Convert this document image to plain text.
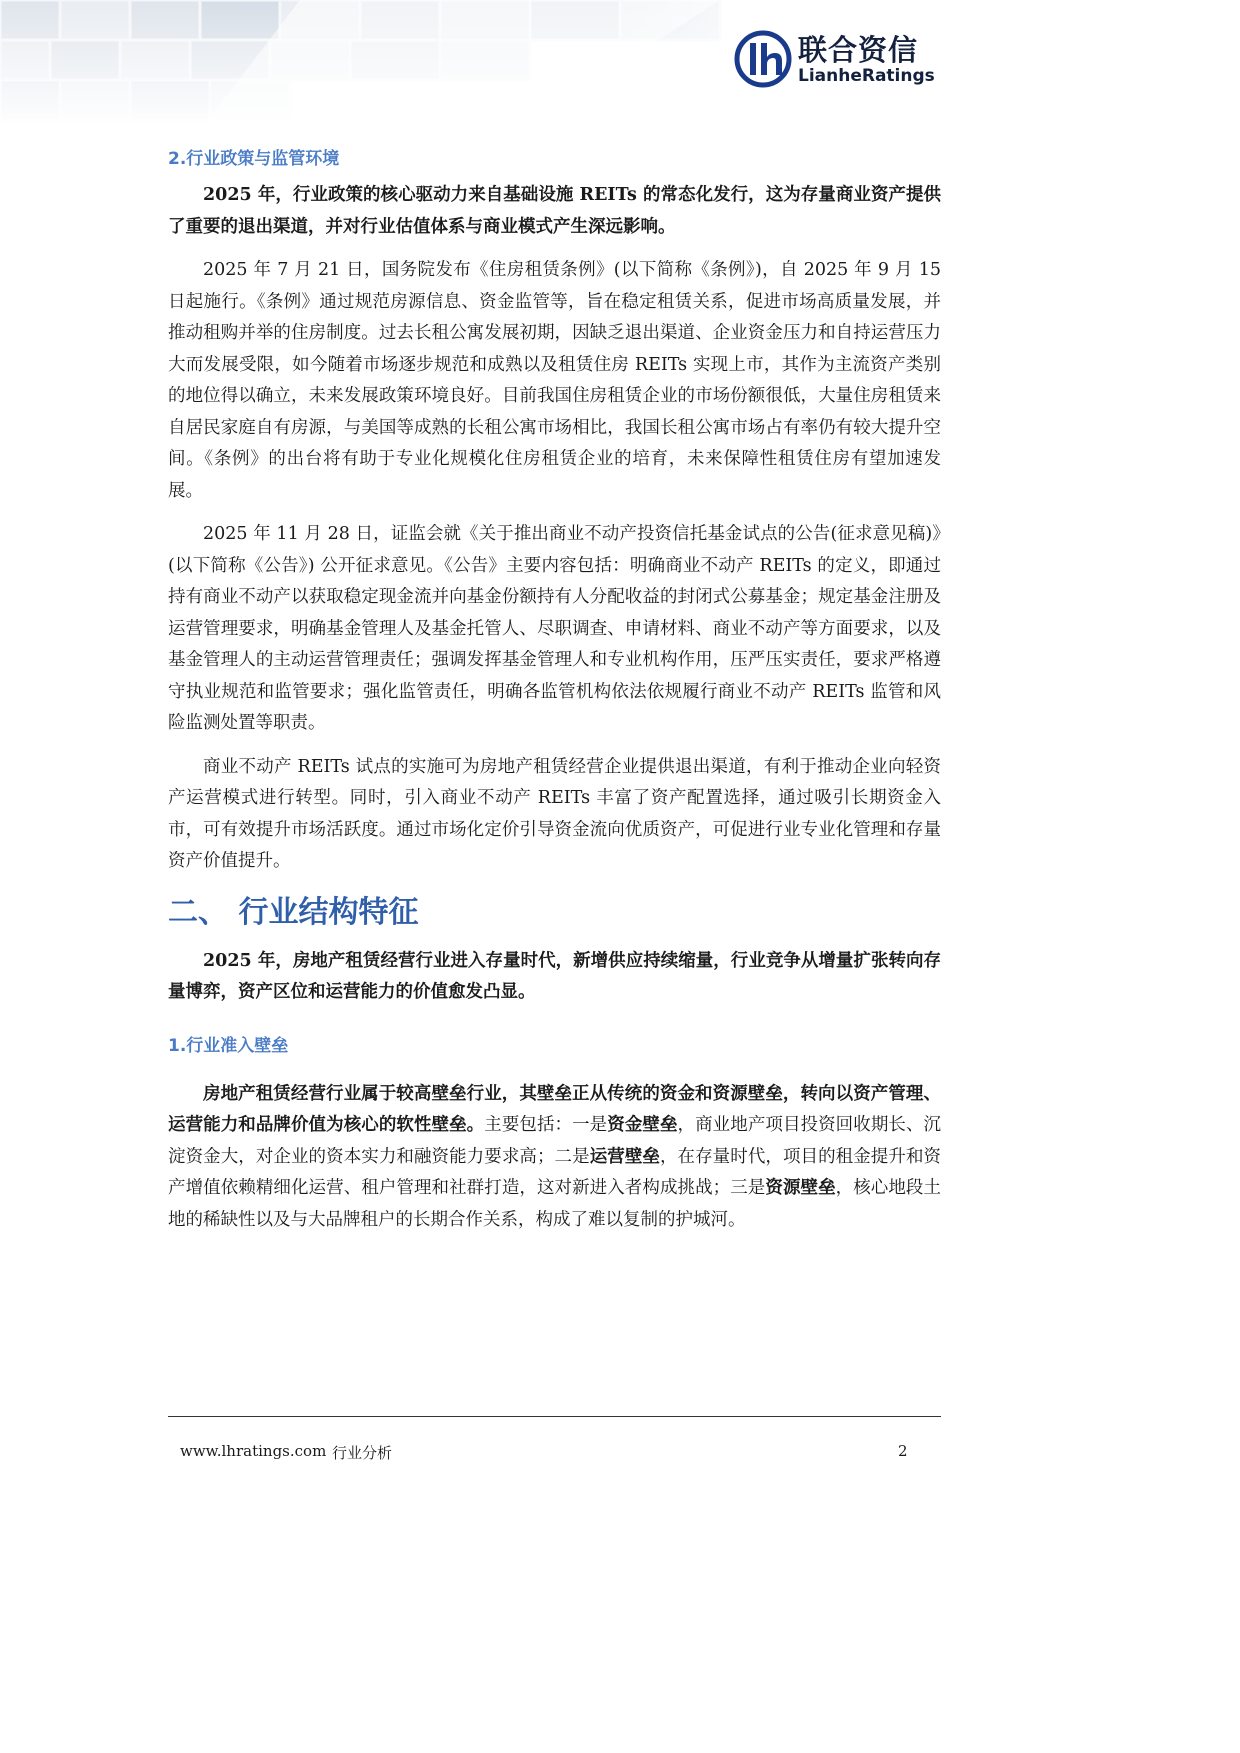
联合资信
LianheRatings
2.行业政策与监管环境

2025 年，行业政策的核心驱动力来自基础设施 REITs 的常态化发行，这为存量商业资产提供了重要的退出渠道，并对行业估值体系与商业模式产生深远影响。

2025 年 7 月 21 日，国务院发布《住房租赁条例》(以下简称《条例》)，自 2025 年 9 月 15 日起施行。《条例》通过规范房源信息、资金监管等，旨在稳定租赁关系，促进市场高质量发展，并推动租购并举的住房制度。过去长租公寓发展初期，因缺乏退出渠道、企业资金压力和自持运营压力大而发展受限，如今随着市场逐步规范和成熟以及租赁住房 REITs 实现上市，其作为主流资产类别的地位得以确立，未来发展政策环境良好。目前我国住房租赁企业的市场份额很低，大量住房租赁来自居民家庭自有房源，与美国等成熟的长租公寓市场相比，我国长租公寓市场占有率仍有较大提升空间。《条例》的出台将有助于专业化规模化住房租赁企业的培育，未来保障性租赁住房有望加速发展。

2025 年 11 月 28 日，证监会就《关于推出商业不动产投资信托基金试点的公告(征求意见稿)》(以下简称《公告》) 公开征求意见。《公告》主要内容包括：明确商业不动产 REITs 的定义，即通过持有商业不动产以获取稳定现金流并向基金份额持有人分配收益的封闭式公募基金；规定基金注册及运营管理要求，明确基金管理人及基金托管人、尽职调查、申请材料、商业不动产等方面要求，以及基金管理人的主动运营管理责任；强调发挥基金管理人和专业机构作用，压严压实责任，要求严格遵守执业规范和监管要求；强化监管责任，明确各监管机构依法依规履行商业不动产 REITs 监管和风险监测处置等职责。

商业不动产 REITs 试点的实施可为房地产租赁经营企业提供退出渠道，有利于推动企业向轻资产运营模式进行转型。同时，引入商业不动产 REITs 丰富了资产配置选择，通过吸引长期资金入市，可有效提升市场活跃度。通过市场化定价引导资金流向优质资产，可促进行业专业化管理和存量资产价值提升。

二、 行业结构特征

2025 年，房地产租赁经营行业进入存量时代，新增供应持续缩量，行业竞争从增量扩张转向存量博弈，资产区位和运营能力的价值愈发凸显。

1.行业准入壁垒

房地产租赁经营行业属于较高壁垒行业，其壁垒正从传统的资金和资源壁垒，转向以资产管理、运营能力和品牌价值为核心的软性壁垒。主要包括：一是资金壁垒，商业地产项目投资回收期长、沉淀资金大，对企业的资本实力和融资能力要求高；二是运营壁垒，在存量时代，项目的租金提升和资产增值依赖精细化运营、租户管理和社群打造，这对新进入者构成挑战；三是资源壁垒，核心地段土地的稀缺性以及与大品牌租户的长期合作关系，构成了难以复制的护城河。

www.lhratings.com 行业分析	2
